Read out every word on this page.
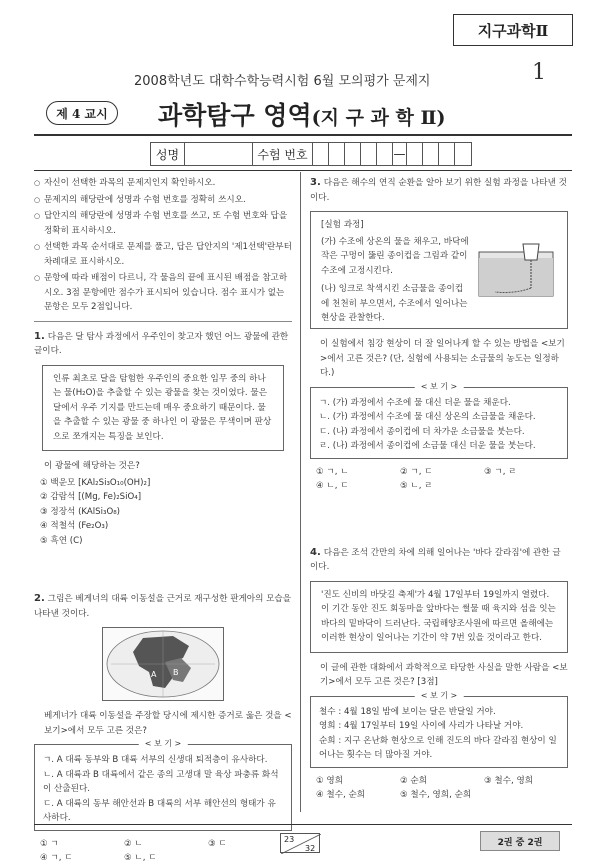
지구과학Ⅱ
2008학년도 대학수학능력시험 6월 모의평가 문제지	1
제 4 교시	과학탐구 영역(지 구 과 학 Ⅱ)
성명	수험 번호	—
○ 자신이 선택한 과목의 문제지인지 확인하시오.
○ 문제지의 해당란에 성명과 수험 번호를 정확히 쓰시오.
○ 답안지의 해당란에 성명과 수험 번호를 쓰고, 또 수험 번호와 답을 정확히 표시하시오.
○ 선택한 과목 순서대로 문제를 풀고, 답은 답안지의 '제1선택'란부터 차례대로 표시하시오.
○ 문항에 따라 배점이 다르니, 각 물음의 끝에 표시된 배점을 참고하시오. 3점 문항에만 점수가 표시되어 있습니다. 점수 표시가 없는 문항은 모두 2점입니다.
1. 다음은 달 탐사 과정에서 우주인이 찾고자 했던 어느 광물에 관한 글이다.
인류 최초로 달을 탐험한 우주인의 중요한 임무 중의 하나는 물(H₂O)을 추출할 수 있는 광물을 찾는 것이었다. 물은 달에서 우주 기지를 만드는데 매우 중요하기 때문이다. 물을 추출할 수 있는 광물 중 하나인 이 광물은 무색이며 판상으로 쪼개지는 특징을 보인다.
이 광물에 해당하는 것은?
① 백운모 [KAl₂Si₃O₁₀(OH)₂]
② 감람석 [(Mg, Fe)₂SiO₄]
③ 정장석 (KAlSi₃O₈)
④ 적철석 (Fe₂O₃)
⑤ 흑연 (C)
2. 그림은 베게너의 대륙 이동설을 근거로 재구성한 판게아의 모습을 나타낸 것이다.
A B
베게너가 대륙 이동설을 주장할 당시에 제시한 증거로 옳은 것을 <보기>에서 모두 고른 것은?
< 보 기 >
ㄱ. A 대륙 동부와 B 대륙 서부의 신생대 퇴적층이 유사하다.
ㄴ. A 대륙과 B 대륙에서 같은 종의 고생대 말 육상 파충류 화석이 산출된다.
ㄷ. A 대륙의 동부 해안선과 B 대륙의 서부 해안선의 형태가 유사하다.
① ㄱ	② ㄴ	③ ㄷ
④ ㄱ, ㄷ	⑤ ㄴ, ㄷ
3. 다음은 해수의 연직 순환을 알아 보기 위한 실험 과정을 나타낸 것이다.
[실험 과정]
(가) 수조에 상온의 물을 채우고, 바닥에 작은 구멍이 뚫린 종이컵을 그림과 같이 수조에 고정시킨다.
(나) 잉크로 착색시킨 소금물을 종이컵에 천천히 부으면서, 수조에서 일어나는 현상을 관찰한다.
이 실험에서 침강 현상이 더 잘 일어나게 할 수 있는 방법을 <보기>에서 고른 것은? (단, 실험에 사용되는 소금물의 농도는 일정하다.)
< 보 기 >
ㄱ. (가) 과정에서 수조에 물 대신 더운 물을 채운다.
ㄴ. (가) 과정에서 수조에 물 대신 상온의 소금물을 채운다.
ㄷ. (나) 과정에서 종이컵에 더 차가운 소금물을 붓는다.
ㄹ. (나) 과정에서 종이컵에 소금물 대신 더운 물을 붓는다.
① ㄱ, ㄴ	② ㄱ, ㄷ	③ ㄱ, ㄹ
④ ㄴ, ㄷ	⑤ ㄴ, ㄹ
4. 다음은 조석 간만의 차에 의해 일어나는 '바다 갈라짐'에 관한 글이다.
'진도 신비의 바닷길 축제'가 4월 17일부터 19일까지 열렸다. 이 기간 동안 진도 회동마을 앞바다는 썰물 때 육지와 섬을 잇는 바다의 밑바닥이 드러난다. 국립해양조사원에 따르면 올해에는 이러한 현상이 일어나는 기간이 약 7번 있을 것이라고 한다.
이 글에 관한 대화에서 과학적으로 타당한 사실을 말한 사람을 <보기>에서 모두 고른 것은? [3점]
< 보 기 >
철수 : 4월 18일 밤에 보이는 달은 반달일 거야.
영희 : 4월 17일부터 19일 사이에 사리가 나타날 거야.
순희 : 지구 온난화 현상으로 인해 진도의 바다 갈라짐 현상이 일어나는 횟수는 더 많아질 거야.
① 영희	② 순희	③ 철수, 영희
④ 철수, 순희	⑤ 철수, 영희, 순희
23
32
2권 중 2권
